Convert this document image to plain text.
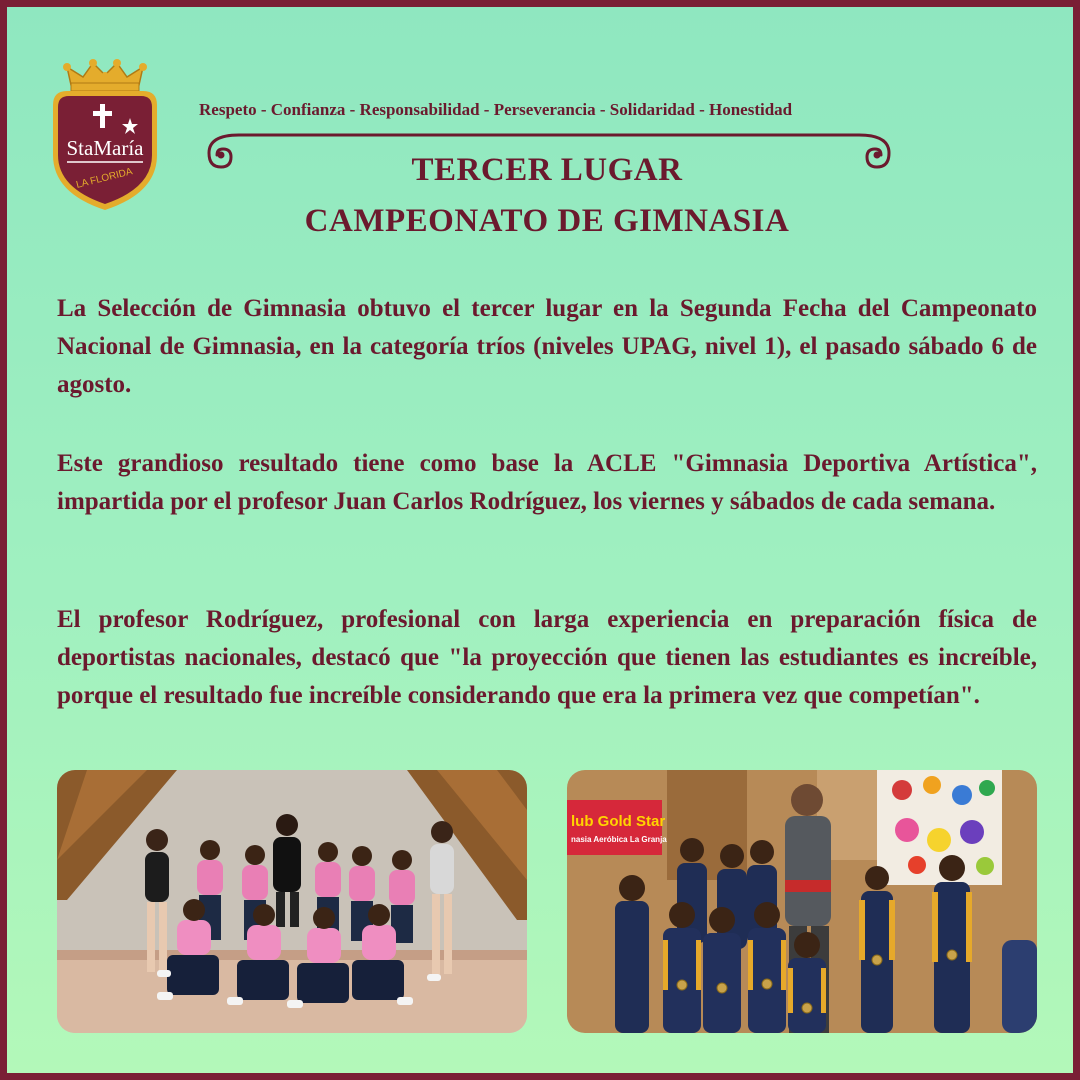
StaMaría
LA FLORIDA
Respeto - Confianza - Responsabilidad - Perseverancia - Solidaridad - Honestidad
TERCER LUGAR
CAMPEONATO DE GIMNASIA
La Selección de Gimnasia obtuvo el tercer lugar en la Segunda Fecha del Campeonato Nacional de Gimnasia, en la categoría tríos (niveles UPAG, nivel 1), el pasado sábado 6 de agosto.
Este grandioso resultado tiene como base la ACLE "Gimnasia Deportiva Artística", impartida por el profesor Juan Carlos Rodríguez, los viernes y sábados de cada semana.
El profesor Rodríguez, profesional con larga experiencia en preparación física de deportistas nacionales, destacó que "la proyección que tienen las estudiantes es increíble, porque el resultado fue increíble considerando que era la primera vez que competían".
lub Gold Star
nasia Aeróbica La Granja
